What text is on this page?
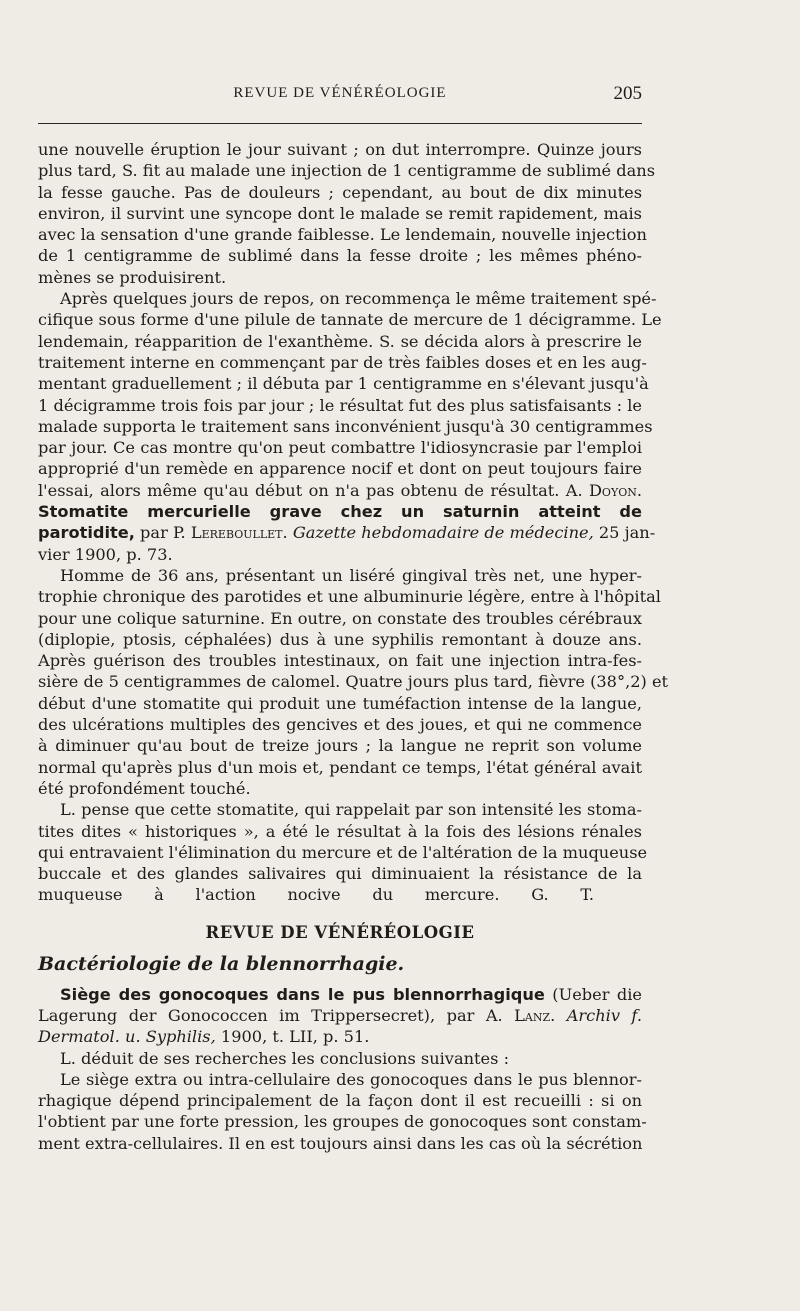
REVUE DE VÉNÉRÉOLOGIE	205
une nouvelle éruption le jour suivant ; on dut interrompre. Quinze jours
plus tard, S. fit au malade une injection de 1 centigramme de sublimé dans
la fesse gauche. Pas de douleurs ; cependant, au bout de dix minutes
environ, il survint une syncope dont le malade se remit rapidement, mais
avec la sensation d'une grande faiblesse. Le lendemain, nouvelle injection
de 1 centigramme de sublimé dans la fesse droite ; les mêmes phéno-
mènes se produisirent.
Après quelques jours de repos, on recommença le même traitement spé-
cifique sous forme d'une pilule de tannate de mercure de 1 décigramme. Le
lendemain, réapparition de l'exanthème. S. se décida alors à prescrire le
traitement interne en commençant par de très faibles doses et en les aug-
mentant graduellement ; il débuta par 1 centigramme en s'élevant jusqu'à
1 décigramme trois fois par jour ; le résultat fut des plus satisfaisants : le
malade supporta le traitement sans inconvénient jusqu'à 30 centigrammes
par jour. Ce cas montre qu'on peut combattre l'idiosyncrasie par l'emploi
approprié d'un remède en apparence nocif et dont on peut toujours faire
l'essai, alors même qu'au début on n'a pas obtenu de résultat. A. Doyon.
Stomatite mercurielle grave chez un saturnin atteint de
parotidite, par P. Lereboullet. Gazette hebdomadaire de médecine, 25 jan-
vier 1900, p. 73.
Homme de 36 ans, présentant un liséré gingival très net, une hyper-
trophie chronique des parotides et une albuminurie légère, entre à l'hôpital
pour une colique saturnine. En outre, on constate des troubles cérébraux
(diplopie, ptosis, céphalées) dus à une syphilis remontant à douze ans.
Après guérison des troubles intestinaux, on fait une injection intra-fes-
sière de 5 centigrammes de calomel. Quatre jours plus tard, fièvre (38°,2) et
début d'une stomatite qui produit une tuméfaction intense de la langue,
des ulcérations multiples des gencives et des joues, et qui ne commence
à diminuer qu'au bout de treize jours ; la langue ne reprit son volume
normal qu'après plus d'un mois et, pendant ce temps, l'état général avait
été profondément touché.
L. pense que cette stomatite, qui rappelait par son intensité les stoma-
tites dites « historiques », a été le résultat à la fois des lésions rénales
qui entravaient l'élimination du mercure et de l'altération de la muqueuse
buccale et des glandes salivaires qui diminuaient la résistance de la
muqueuse à l'action nocive du mercure. G. T.
REVUE DE VÉNÉRÉOLOGIE
Bactériologie de la blennorrhagie.
Siège des gonocoques dans le pus blennorrhagique (Ueber die
Lagerung der Gonococcen im Trippersecret), par A. Lanz. Archiv f.
Dermatol. u. Syphilis, 1900, t. LII, p. 51.
L. déduit de ses recherches les conclusions suivantes :
Le siège extra ou intra-cellulaire des gonocoques dans le pus blennor-
rhagique dépend principalement de la façon dont il est recueilli : si on
l'obtient par une forte pression, les groupes de gonocoques sont constam-
ment extra-cellulaires. Il en est toujours ainsi dans les cas où la sécrétion
